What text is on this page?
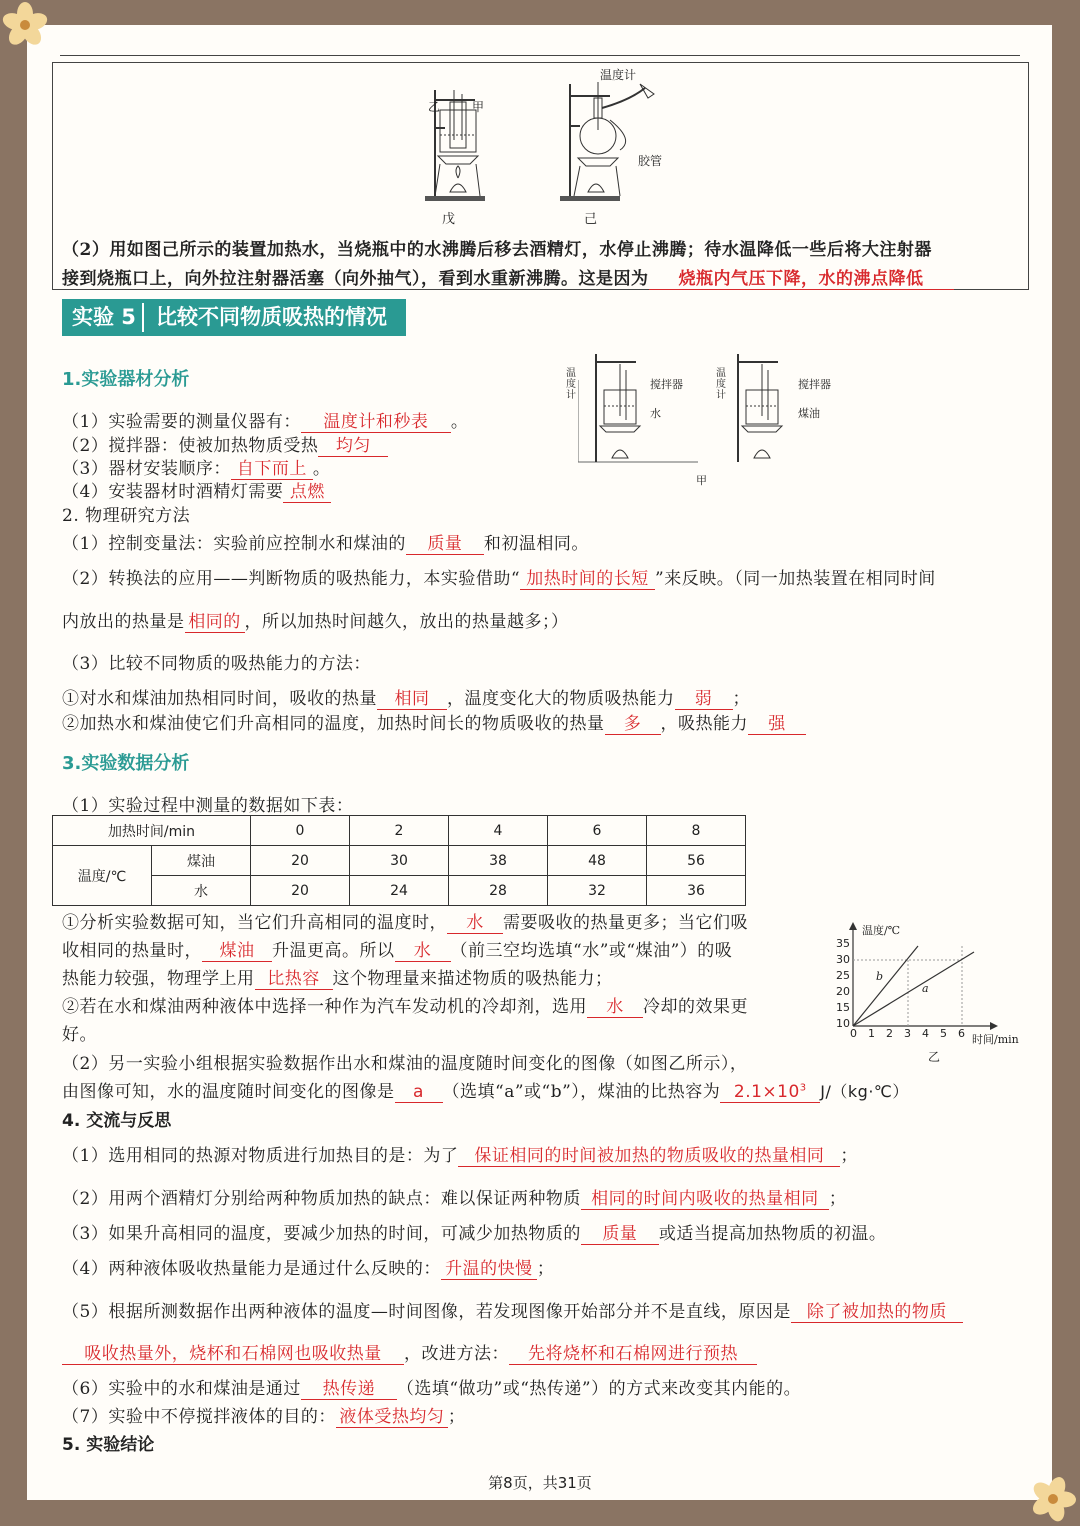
乙	甲
戊
温度计
胶管
己
（2）用如图己所示的装置加热水，当烧瓶中的水沸腾后移去酒精灯，水停止沸腾；待水温降低一些后将大注射器
接到烧瓶口上，向外拉注射器活塞（向外抽气），看到水重新沸腾。这是因为 烧瓶内气压下降，水的沸点降低
实验 5 比较不同物质吸热的情况
1.实验器材分析
（1）实验需要的测量仪器有： 温度计和秒表 。
（2）搅拌器：使被加热物质受热 均匀
（3）器材安装顺序： 自下而上 。
（4）安装器材时酒精灯需要 点燃
温度计
搅拌器
水
温度计
搅拌器
煤油
甲
2. 物理研究方法
（1）控制变量法：实验前应控制水和煤油的 质量 和初温相同。
（2）转换法的应用——判断物质的吸热能力，本实验借助“ 加热时间的长短 ”来反映。（同一加热装置在相同时间
内放出的热量是 相同的 ，所以加热时间越久，放出的热量越多；）
（3）比较不同物质的吸热能力的方法：
①对水和煤油加热相同时间，吸收的热量 相同 ，温度变化大的物质吸热能力 弱 ；
②加热水和煤油使它们升高相同的温度，加热时间长的物质吸收的热量 多 ，吸热能力 强
3.实验数据分析
（1）实验过程中测量的数据如下表：
加热时间/min		0	2	4	6	8
温度/℃	煤油	20	30	38	48	56
	水	20	24	28	32	36
①分析实验数据可知，当它们升高相同的温度时， 水 需要吸收的热量更多；当它们吸
收相同的热量时， 煤油 升温更高。所以 水 （前三空均选填“水”或“煤油”）的吸
热能力较强，物理学上用 比热容 这个物理量来描述物质的吸热能力；
②若在水和煤油两种液体中选择一种作为汽车发动机的冷却剂，选用 水 冷却的效果更
好。
（2）另一实验小组根据实验数据作出水和煤油的温度随时间变化的图像（如图乙所示），
由图像可知，水的温度随时间变化的图像是 a （选填“a”或“b”），煤油的比热容为 $2.1\times 10^3$ J/（kg·℃）
温度/℃
时间/min
乙
35
30
25
20
15
10
0 1 2 3 4 5 6
b
a
4. 交流与反思
（1）选用相同的热源对物质进行加热目的是：为了 保证相同的时间被加热的物质吸收的热量相同 ；
（2）用两个酒精灯分别给两种物质加热的缺点：难以保证两种物质 相同的时间内吸收的热量相同 ；
（3）如果升高相同的温度，要减少加热的时间，可减少加热物质的 质量 或适当提高加热物质的初温。
（4）两种液体吸收热量能力是通过什么反映的： 升温的快慢 ；
（5）根据所测数据作出两种液体的温度—时间图像，若发现图像开始部分并不是直线，原因是 除了被加热的物质
吸收热量外，烧杯和石棉网也吸收热量 ，改进方法： 先将烧杯和石棉网进行预热
（6）实验中的水和煤油是通过 热传递 （选填“做功”或“热传递”）的方式来改变其内能的。
（7）实验中不停搅拌液体的目的： 液体受热均匀 ；
5. 实验结论
第8页，共31页
